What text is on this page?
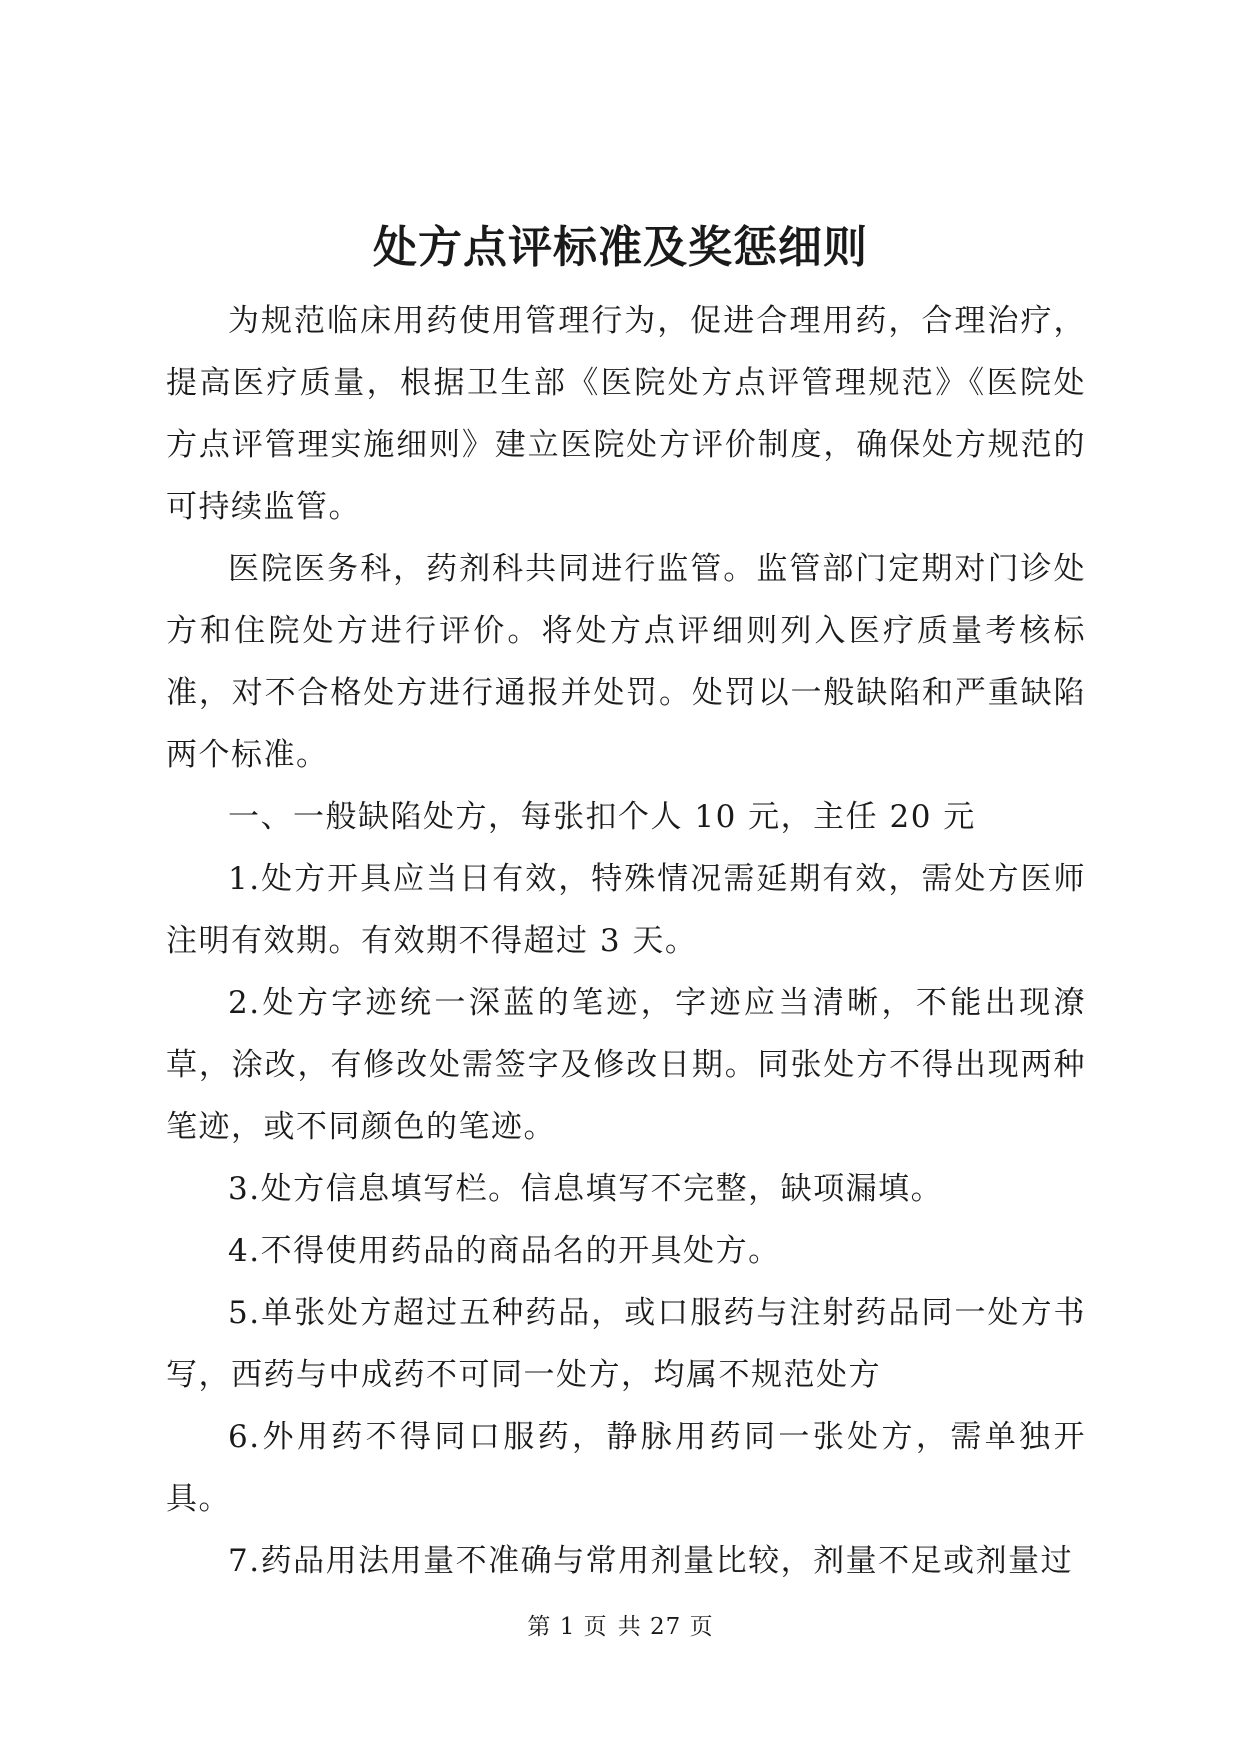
处方点评标准及奖惩细则

为规范临床用药使用管理行为，促进合理用药，合理治疗，提高医疗质量，根据卫生部《医院处方点评管理规范》《医院处方点评管理实施细则》建立医院处方评价制度，确保处方规范的可持续监管。

医院医务科，药剂科共同进行监管。监管部门定期对门诊处方和住院处方进行评价。将处方点评细则列入医疗质量考核标准，对不合格处方进行通报并处罚。处罚以一般缺陷和严重缺陷两个标准。

一、一般缺陷处方，每张扣个人 10 元，主任 20 元

1.处方开具应当日有效，特殊情况需延期有效，需处方医师注明有效期。有效期不得超过 3 天。

2.处方字迹统一深蓝的笔迹，字迹应当清晰，不能出现潦草，涂改，有修改处需签字及修改日期。同张处方不得出现两种笔迹，或不同颜色的笔迹。

3.处方信息填写栏。信息填写不完整，缺项漏填。

4.不得使用药品的商品名的开具处方。

5.单张处方超过五种药品，或口服药与注射药品同一处方书写，西药与中成药不可同一处方，均属不规范处方

6.外用药不得同口服药，静脉用药同一张处方，需单独开具。

7.药品用法用量不准确与常用剂量比较，剂量不足或剂量过

第 1 页 共 27 页
